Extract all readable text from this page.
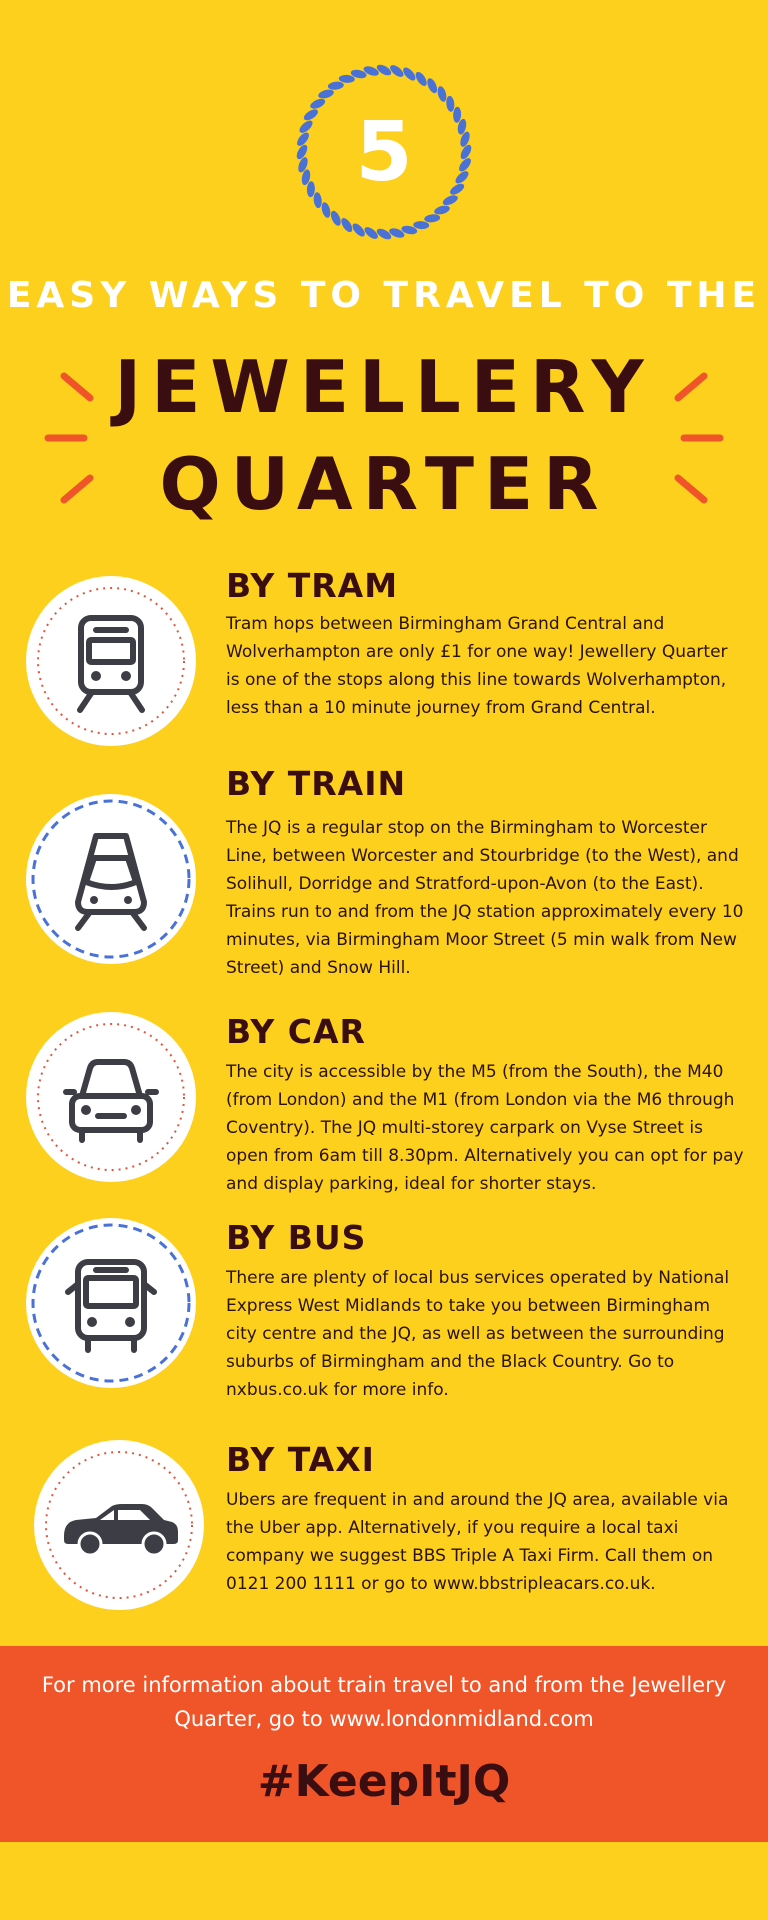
5
EASY WAYS TO TRAVEL TO THE
JEWELLERY
QUARTER
BY TRAM
Tram hops between Birmingham Grand Central and Wolverhampton are only £1 for one way! Jewellery Quarter is one of the stops along this line towards Wolverhampton, less than a 10 minute journey from Grand Central.
BY TRAIN
The JQ is a regular stop on the Birmingham to Worcester Line, between Worcester and Stourbridge (to the West), and Solihull, Dorridge and Stratford-upon-Avon (to the East). Trains run to and from the JQ station approximately every 10 minutes, via Birmingham Moor Street (5 min walk from New Street) and Snow Hill.
BY CAR
The city is accessible by the M5 (from the South), the M40 (from London) and the M1 (from London via the M6 through Coventry). The JQ multi-storey carpark on Vyse Street is open from 6am till 8.30pm. Alternatively you can opt for pay and display parking, ideal for shorter stays.
BY BUS
There are plenty of local bus services operated by National Express West Midlands to take you between Birmingham city centre and the JQ, as well as between the surrounding suburbs of Birmingham and the Black Country. Go to nxbus.co.uk for more info.
BY TAXI
Ubers are frequent in and around the JQ area, available via the Uber app. Alternatively, if you require a local taxi company we suggest BBS Triple A Taxi Firm. Call them on 0121 200 1111 or go to www.bbstripleacars.co.uk.
For more information about train travel to and from the Jewellery Quarter, go to www.londonmidland.com
#KeepItJQ
